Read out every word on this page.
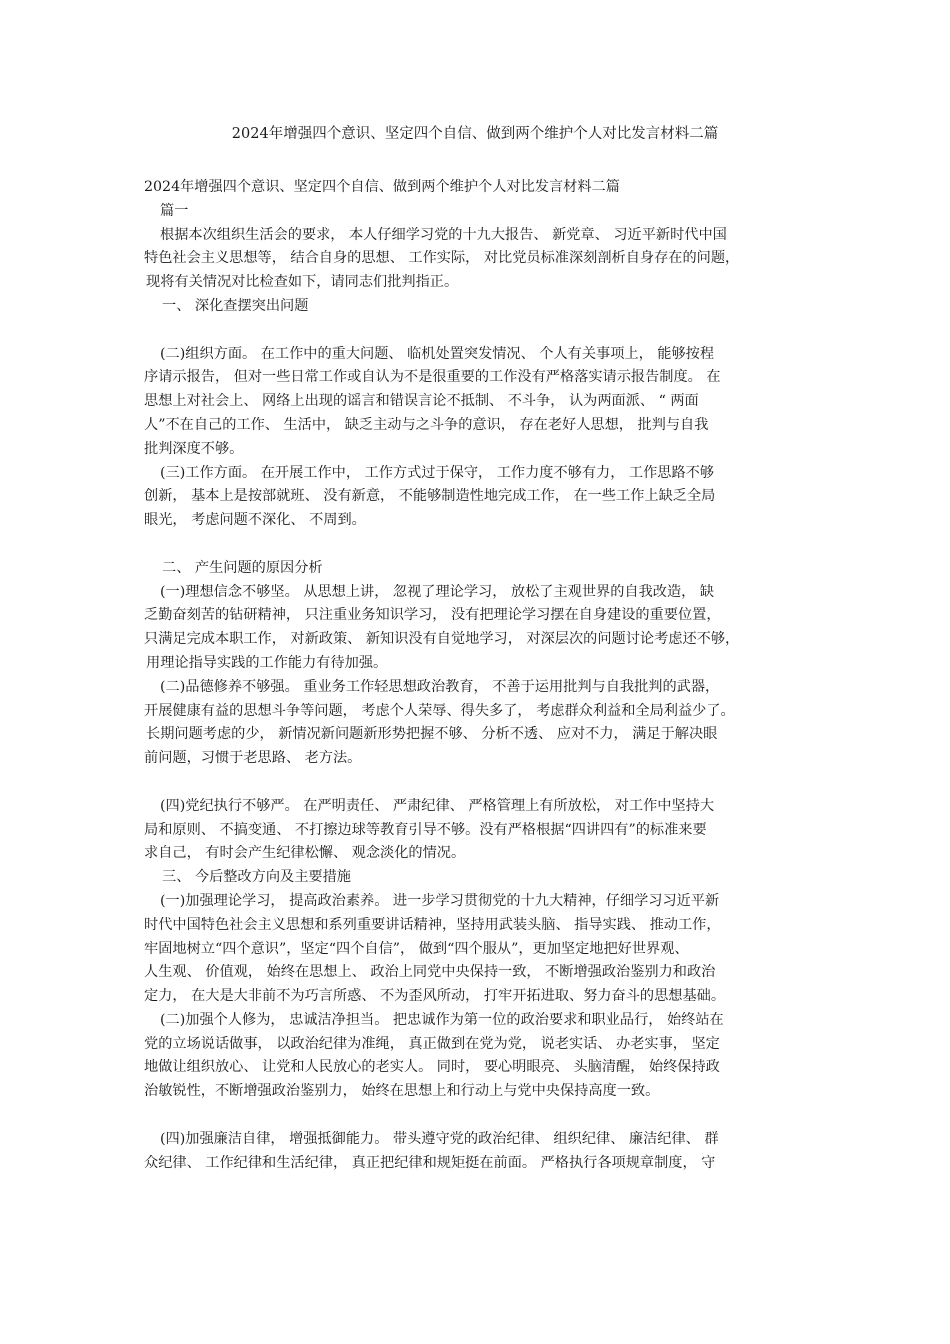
2024年增强四个意识、坚定四个自信、做到两个维护个人对比发言材料二篇
2024年增强四个意识、坚定四个自信、做到两个维护个人对比发言材料二篇
篇一
根据本次组织生活会的要求， 本人仔细学习党的十九大报告、 新党章、 习近平新时代中国
特色社会主义思想等， 结合自身的思想、 工作实际， 对比党员标准深刻剖析自身存在的问题，
现将有关情况对比检查如下，请同志们批判指正。
一、 深化查摆突出问题
(二)组织方面。 在工作中的重大问题、 临机处置突发情况、 个人有关事项上， 能够按程
序请示报告， 但对一些日常工作或自认为不是很重要的工作没有严格落实请示报告制度。 在
思想上对社会上、 网络上出现的谣言和错误言论不抵制、 不斗争， 认为两面派、 “ 两面
人”不在自己的工作、 生活中， 缺乏主动与之斗争的意识， 存在老好人思想， 批判与自我
批判深度不够。
(三)工作方面。 在开展工作中， 工作方式过于保守， 工作力度不够有力， 工作思路不够
创新， 基本上是按部就班、 没有新意， 不能够制造性地完成工作， 在一些工作上缺乏全局
眼光， 考虑问题不深化、 不周到。
二、 产生问题的原因分析
(一)理想信念不够坚。 从思想上讲， 忽视了理论学习， 放松了主观世界的自我改造， 缺
乏勤奋刻苦的钻研精神， 只注重业务知识学习， 没有把理论学习摆在自身建设的重要位置，
只满足完成本职工作， 对新政策、 新知识没有自觉地学习， 对深层次的问题讨论考虑还不够，
用理论指导实践的工作能力有待加强。
(二)品德修养不够强。 重业务工作轻思想政治教育， 不善于运用批判与自我批判的武器，
开展健康有益的思想斗争等问题， 考虑个人荣辱、得失多了， 考虑群众利益和全局利益少了。
长期问题考虑的少， 新情况新问题新形势把握不够、 分析不透、 应对不力， 满足于解决眼
前问题，习惯于老思路、 老方法。
(四)党纪执行不够严。 在严明责任、 严肃纪律、 严格管理上有所放松， 对工作中坚持大
局和原则、 不搞变通、 不打擦边球等教育引导不够。没有严格根据“四讲四有”的标准来要
求自己， 有时会产生纪律松懈、 观念淡化的情况。
三、 今后整改方向及主要措施
(一)加强理论学习， 提高政治素养。 进一步学习贯彻党的十九大精神，仔细学习习近平新
时代中国特色社会主义思想和系列重要讲话精神，坚持用武装头脑、 指导实践、 推动工作，
牢固地树立“四个意识”，坚定“四个自信”， 做到“四个服从”，更加坚定地把好世界观、
人生观、 价值观， 始终在思想上、 政治上同党中央保持一致， 不断增强政治鉴别力和政治
定力， 在大是大非前不为巧言所惑、 不为歪风所动， 打牢开拓进取、努力奋斗的思想基础。
(二)加强个人修为， 忠诚洁净担当。 把忠诚作为第一位的政治要求和职业品行， 始终站在
党的立场说话做事， 以政治纪律为准绳， 真正做到在党为党， 说老实话、 办老实事， 坚定
地做让组织放心、 让党和人民放心的老实人。 同时， 要心明眼亮、 头脑清醒， 始终保持政
治敏锐性，不断增强政治鉴别力， 始终在思想上和行动上与党中央保持高度一致。
(四)加强廉洁自律， 增强抵御能力。 带头遵守党的政治纪律、 组织纪律、 廉洁纪律、 群
众纪律、 工作纪律和生活纪律， 真正把纪律和规矩挺在前面。 严格执行各项规章制度， 守
